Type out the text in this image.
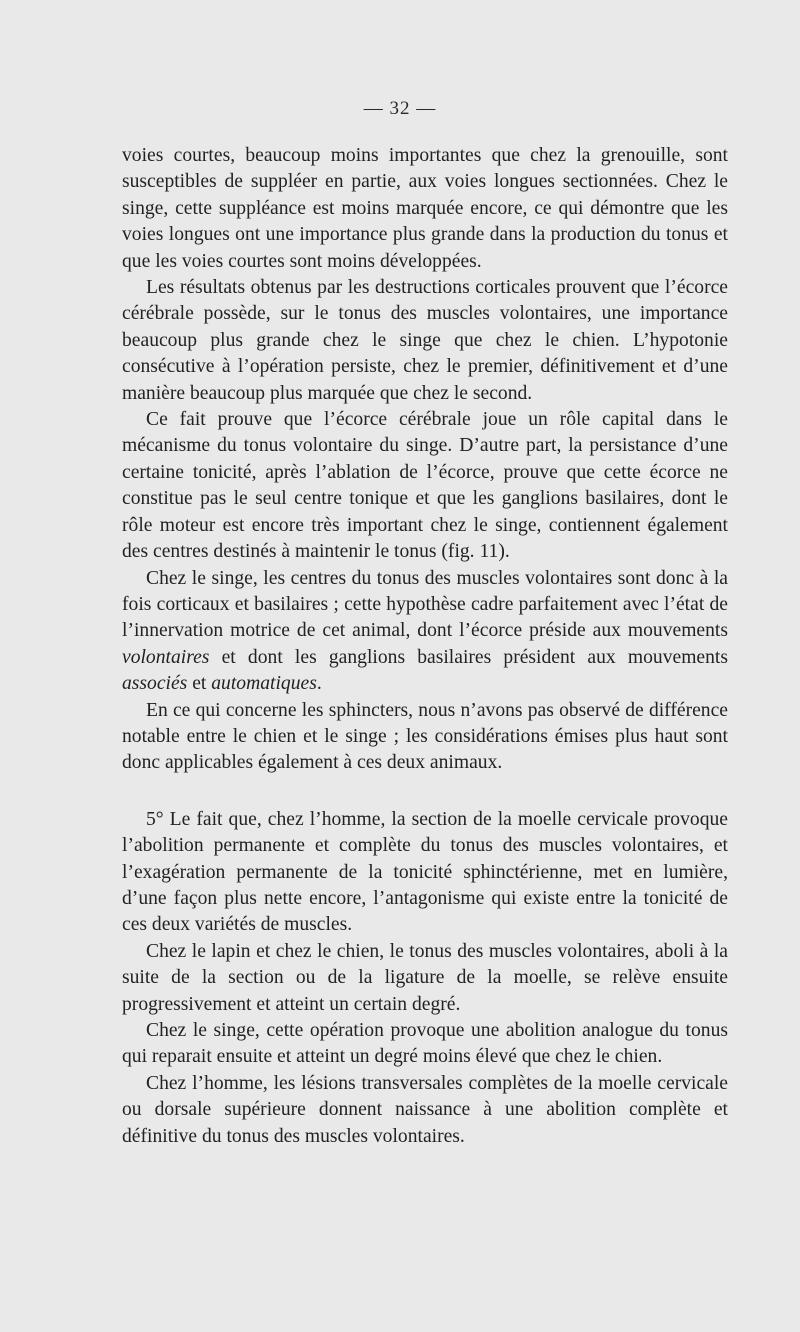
— 32 —

voies courtes, beaucoup moins importantes que chez la grenouille, sont susceptibles de suppléer en partie, aux voies longues sectionnées. Chez le singe, cette suppléance est moins marquée encore, ce qui démontre que les voies longues ont une importance plus grande dans la production du tonus et que les voies courtes sont moins développées.

Les résultats obtenus par les destructions corticales prouvent que l’écorce cérébrale possède, sur le tonus des muscles volontaires, une importance beaucoup plus grande chez le singe que chez le chien. L’hypotonie consécutive à l’opération persiste, chez le premier, définitivement et d’une manière beaucoup plus marquée que chez le second.

Ce fait prouve que l’écorce cérébrale joue un rôle capital dans le mécanisme du tonus volontaire du singe. D’autre part, la persistance d’une certaine tonicité, après l’ablation de l’écorce, prouve que cette écorce ne constitue pas le seul centre tonique et que les ganglions basilaires, dont le rôle moteur est encore très important chez le singe, contiennent également des centres destinés à maintenir le tonus (fig. 11).

Chez le singe, les centres du tonus des muscles volontaires sont donc à la fois corticaux et basilaires ; cette hypothèse cadre parfaitement avec l’état de l’innervation motrice de cet animal, dont l’écorce préside aux mouvements volontaires et dont les ganglions basilaires président aux mouvements associés et automatiques.

En ce qui concerne les sphincters, nous n’avons pas observé de différence notable entre le chien et le singe ; les considérations émises plus haut sont donc applicables également à ces deux animaux.

5° Le fait que, chez l’homme, la section de la moelle cervicale provoque l’abolition permanente et complète du tonus des muscles volontaires, et l’exagération permanente de la tonicité sphinctérienne, met en lumière, d’une façon plus nette encore, l’antagonisme qui existe entre la tonicité de ces deux variétés de muscles.

Chez le lapin et chez le chien, le tonus des muscles volontaires, aboli à la suite de la section ou de la ligature de la moelle, se relève ensuite progressivement et atteint un certain degré.

Chez le singe, cette opération provoque une abolition analogue du tonus qui reparait ensuite et atteint un degré moins élevé que chez le chien.

Chez l’homme, les lésions transversales complètes de la moelle cervicale ou dorsale supérieure donnent naissance à une abolition complète et définitive du tonus des muscles volontaires.
